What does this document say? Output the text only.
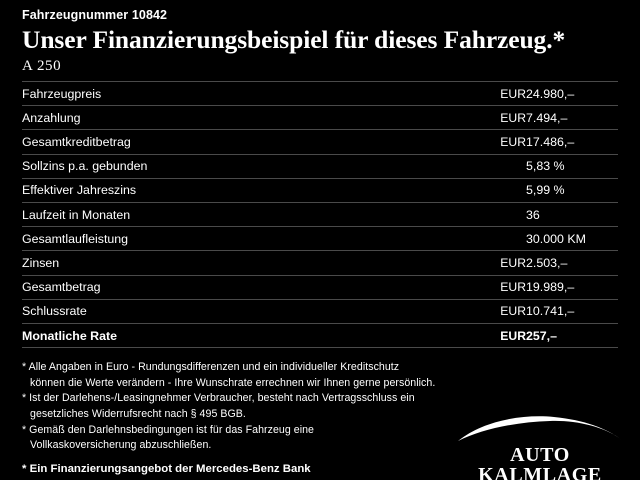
Fahrzeugnummer 10842
Unser Finanzierungsbeispiel für dieses Fahrzeug.*
A 250
Fahrzeugpreis	EUR	24.980,–
Anzahlung	EUR	7.494,–
Gesamtkreditbetrag	EUR	17.486,–
Sollzins p.a. gebunden		5,83 %
Effektiver Jahreszins		5,99 %
Laufzeit in Monaten		36
Gesamtlaufleistung		30.000 KM
Zinsen	EUR	2.503,–
Gesamtbetrag	EUR	19.989,–
Schlussrate	EUR	10.741,–
Monatliche Rate	EUR	257,–

* Alle Angaben in Euro - Rundungsdifferenzen und ein individueller Kreditschutz

können die Werte verändern - Ihre Wunschrate errechnen wir Ihnen gerne persönlich.

* Ist der Darlehens-/Leasingnehmer Verbraucher, besteht nach Vertragsschluss ein

gesetzliches Widerrufsrecht nach § 495 BGB.

* Gemäß den Darlehnsbedingungen ist für das Fahrzeug eine

Vollkaskoversicherung abzuschließen.

* Ein Finanzierungsangebot der Mercedes-Benz Bank
AUTO KALMLAGE
